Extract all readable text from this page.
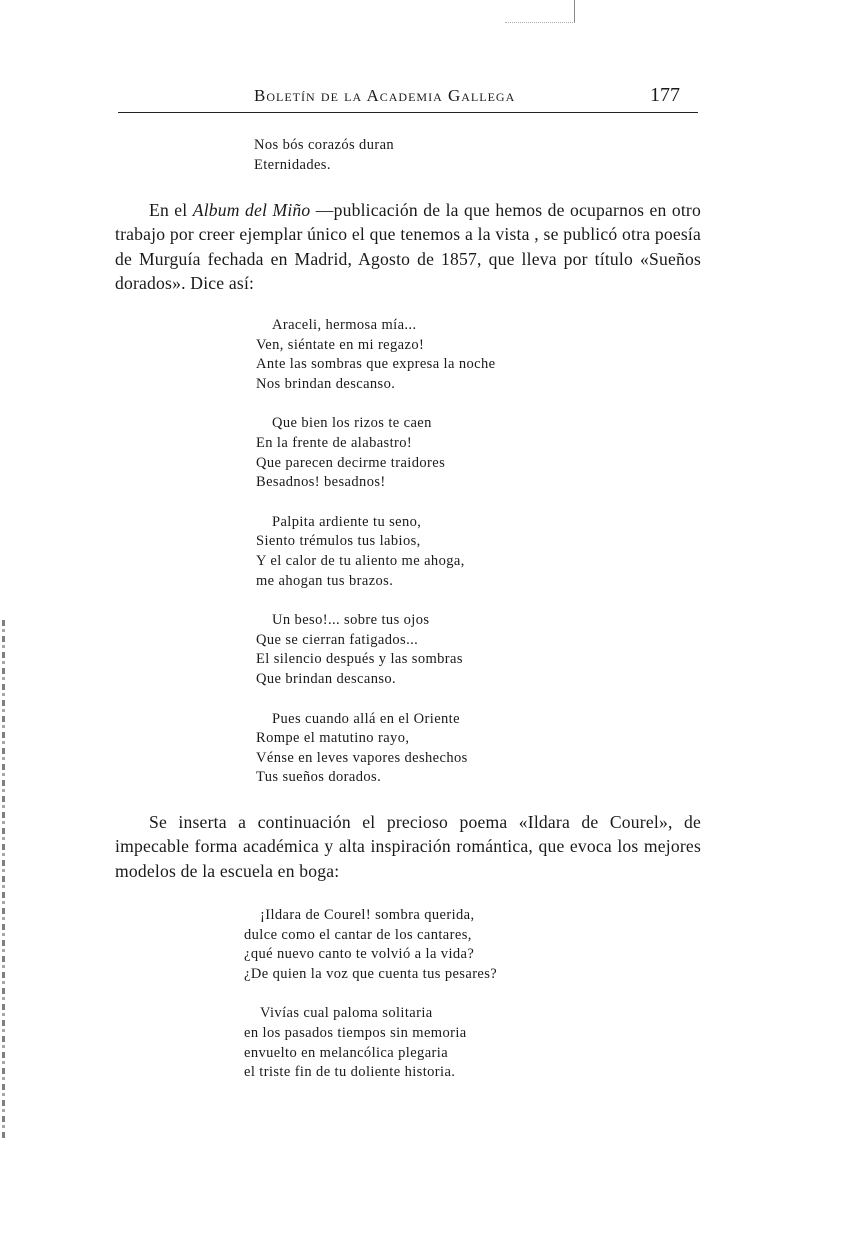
Boletín de la Academia Gallega	177
Nos bós corazós duran
Eternidades.
En el Album del Miño —publicación de la que hemos de ocuparnos en otro trabajo por creer ejemplar único el que tenemos a la vista , se publicó otra poesía de Murguía fechada en Madrid, Agosto de 1857, que lleva por título «Sueños dorados». Dice así:
Araceli, hermosa mía...
Ven, siéntate en mi regazo!
Ante las sombras que expresa la noche
Nos brindan descanso.
Que bien los rizos te caen
En la frente de alabastro!
Que parecen decirme traidores
Besadnos! besadnos!
Palpita ardiente tu seno,
Siento trémulos tus labios,
Y el calor de tu aliento me ahoga,
me ahogan tus brazos.
Un beso!... sobre tus ojos
Que se cierran fatigados...
El silencio después y las sombras
Que brindan descanso.
Pues cuando allá en el Oriente
Rompe el matutino rayo,
Vénse en leves vapores deshechos
Tus sueños dorados.
Se inserta a continuación el precioso poema «Ildara de Courel», de impecable forma académica y alta inspiración romántica, que evoca los mejores modelos de la escuela en boga:
¡Ildara de Courel! sombra querida,
dulce como el cantar de los cantares,
¿qué nuevo canto te volvió a la vida?
¿De quien la voz que cuenta tus pesares?
Vivías cual paloma solitaria
en los pasados tiempos sin memoria
envuelto en melancólica plegaria
el triste fin de tu doliente historia.
